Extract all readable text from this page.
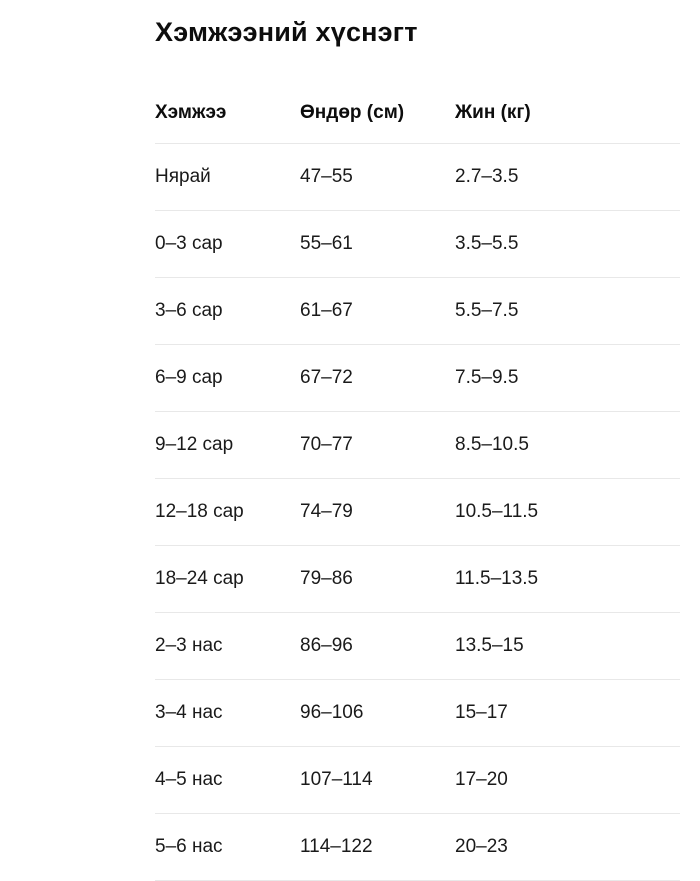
Хэмжээний хүснэгт
Хэмжээ	Өндөр (см)	Жин (кг)
Нярай	47–55	2.7–3.5
0–3 сар	55–61	3.5–5.5
3–6 сар	61–67	5.5–7.5
6–9 сар	67–72	7.5–9.5
9–12 сар	70–77	8.5–10.5
12–18 сар	74–79	10.5–11.5
18–24 сар	79–86	11.5–13.5
2–3 нас	86–96	13.5–15
3–4 нас	96–106	15–17
4–5 нас	107–114	17–20
5–6 нас	114–122	20–23
